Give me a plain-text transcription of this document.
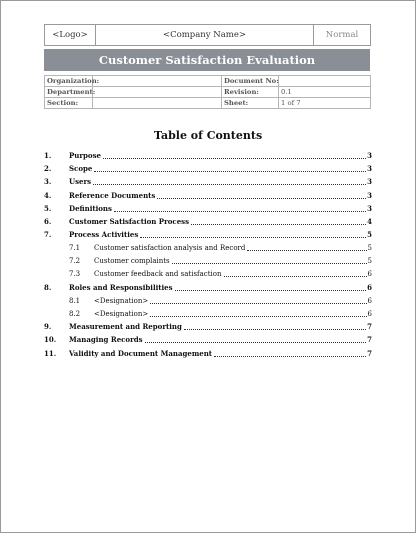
<Logo>	<Company Name>	Normal
Customer Satisfaction Evaluation
Organization:		Document No:	
Department:		Revision:	0.1
Section:		Sheet:	1 of 7
Table of Contents
1.	Purpose	3
2.	Scope	3
3.	Users	3
4.	Reference Documents	3
5.	Definitions	3
6.	Customer Satisfaction Process	4
7.	Process Activities	5
7.1 Customer satisfaction analysis and Record	5
7.2 Customer complaints	5
7.3 Customer feedback and satisfaction	6
8.	Roles and Responsibilities	6
8.1 <Designation>	6
8.2 <Designation>	6
9.	Measurement and Reporting	7
10. Managing Records	7
11. Validity and Document Management	7
